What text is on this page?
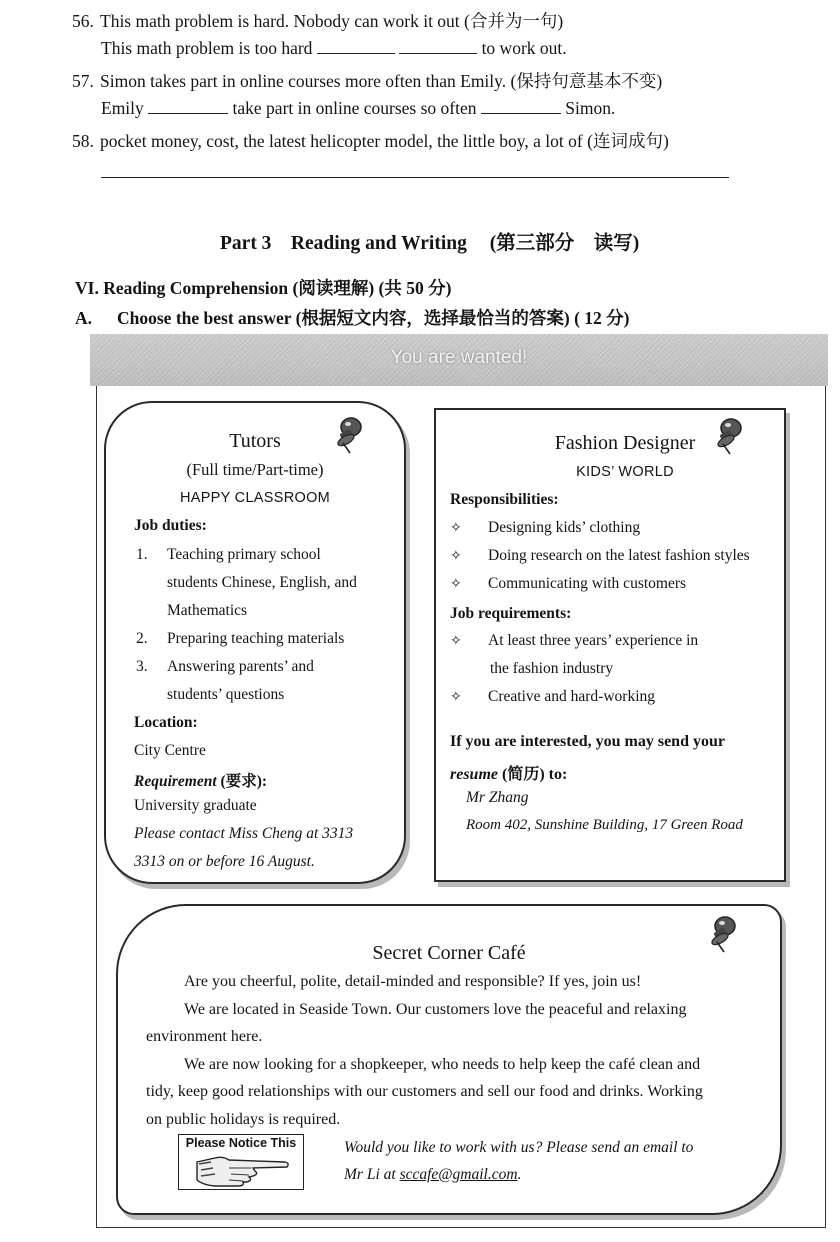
56. This math problem is hard. Nobody can work it out (合并为一句)
This math problem is too hard	to work out.
57. Simon takes part in online courses more often than Emily. (保持句意基本不变)
Emily	take part in online courses so often	Simon.
58. pocket money, cost, the latest helicopter model, the little boy, a lot of (连词成句)
Part 3    Reading and Writing (第三部分    读写)
VI. Reading Comprehension (阅读理解) (共 50 分)
A. Choose the best answer (根据短文内容，选择最恰当的答案) ( 12 分)
You are wanted!
Tutors
(Full time/Part-time)
HAPPY CLASSROOM
Job duties:
1. Teaching primary school
students Chinese, English, and
Mathematics
2. Preparing teaching materials
3. Answering parents’ and
students’ questions
Location:
City Centre
Requirement (要求):
University graduate
Please contact Miss Cheng at 3313
3313 on or before 16 August.
Fashion Designer
KIDS’ WORLD
Responsibilities:
✧ Designing kids’ clothing
✧ Doing research on the latest fashion styles
✧ Communicating with customers
Job requirements:
✧ At least three years’ experience in
the fashion industry
✧ Creative and hard-working
If you are interested, you may send your
resume (简历) to:
Mr Zhang
Room 402, Sunshine Building, 17 Green Road
Secret Corner Café
Are you cheerful, polite, detail-minded and responsible? If yes, join us!
We are located in Seaside Town. Our customers love the peaceful and relaxing
environment here.
We are now looking for a shopkeeper, who needs to help keep the café clean and
tidy, keep good relationships with our customers and sell our food and drinks. Working
on public holidays is required.
Would you like to work with us? Please send an email to
Mr Li at sccafe@gmail.com.
Please Notice This
